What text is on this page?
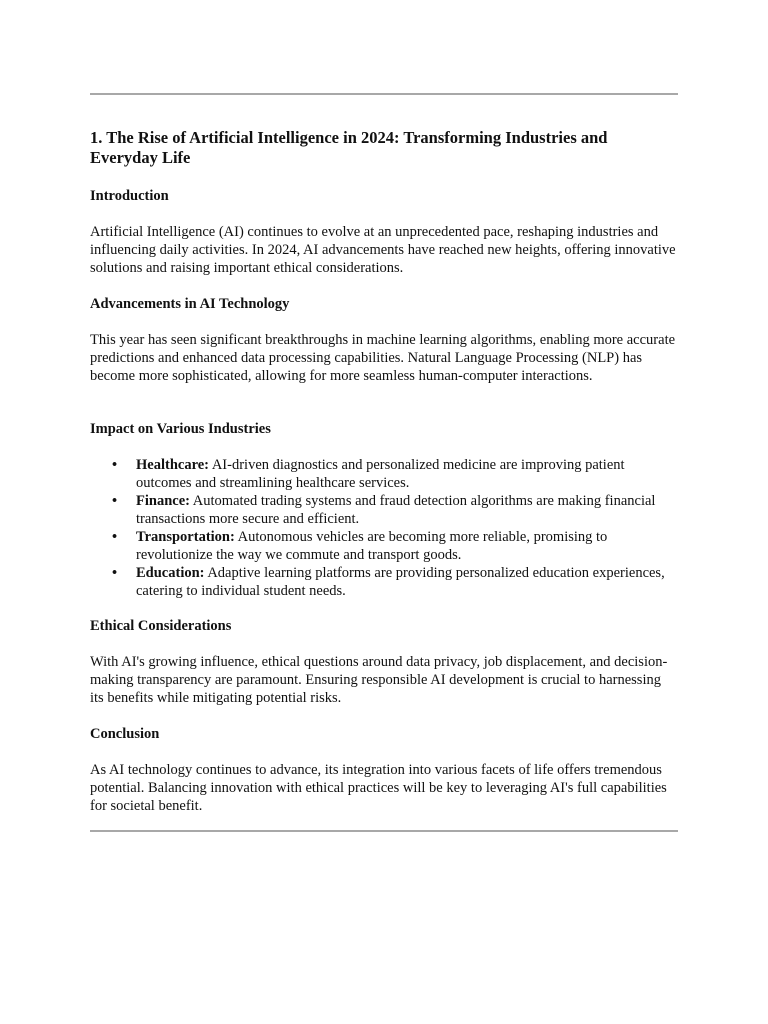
1. The Rise of Artificial Intelligence in 2024: Transforming Industries and Everyday Life
Introduction

Artificial Intelligence (AI) continues to evolve at an unprecedented pace, reshaping industries and influencing daily activities. In 2024, AI advancements have reached new heights, offering innovative solutions and raising important ethical considerations.

Advancements in AI Technology

This year has seen significant breakthroughs in machine learning algorithms, enabling more accurate predictions and enhanced data processing capabilities. Natural Language Processing (NLP) has become more sophisticated, allowing for more seamless human-computer interactions.

Impact on Various Industries
• Healthcare: AI-driven diagnostics and personalized medicine are improving patient outcomes and streamlining healthcare services.
• Finance: Automated trading systems and fraud detection algorithms are making financial transactions more secure and efficient.
• Transportation: Autonomous vehicles are becoming more reliable, promising to revolutionize the way we commute and transport goods.
• Education: Adaptive learning platforms are providing personalized education experiences, catering to individual student needs.
Ethical Considerations

With AI's growing influence, ethical questions around data privacy, job displacement, and decision-making transparency are paramount. Ensuring responsible AI development is crucial to harnessing its benefits while mitigating potential risks.

Conclusion

As AI technology continues to advance, its integration into various facets of life offers tremendous potential. Balancing innovation with ethical practices will be key to leveraging AI's full capabilities for societal benefit.
